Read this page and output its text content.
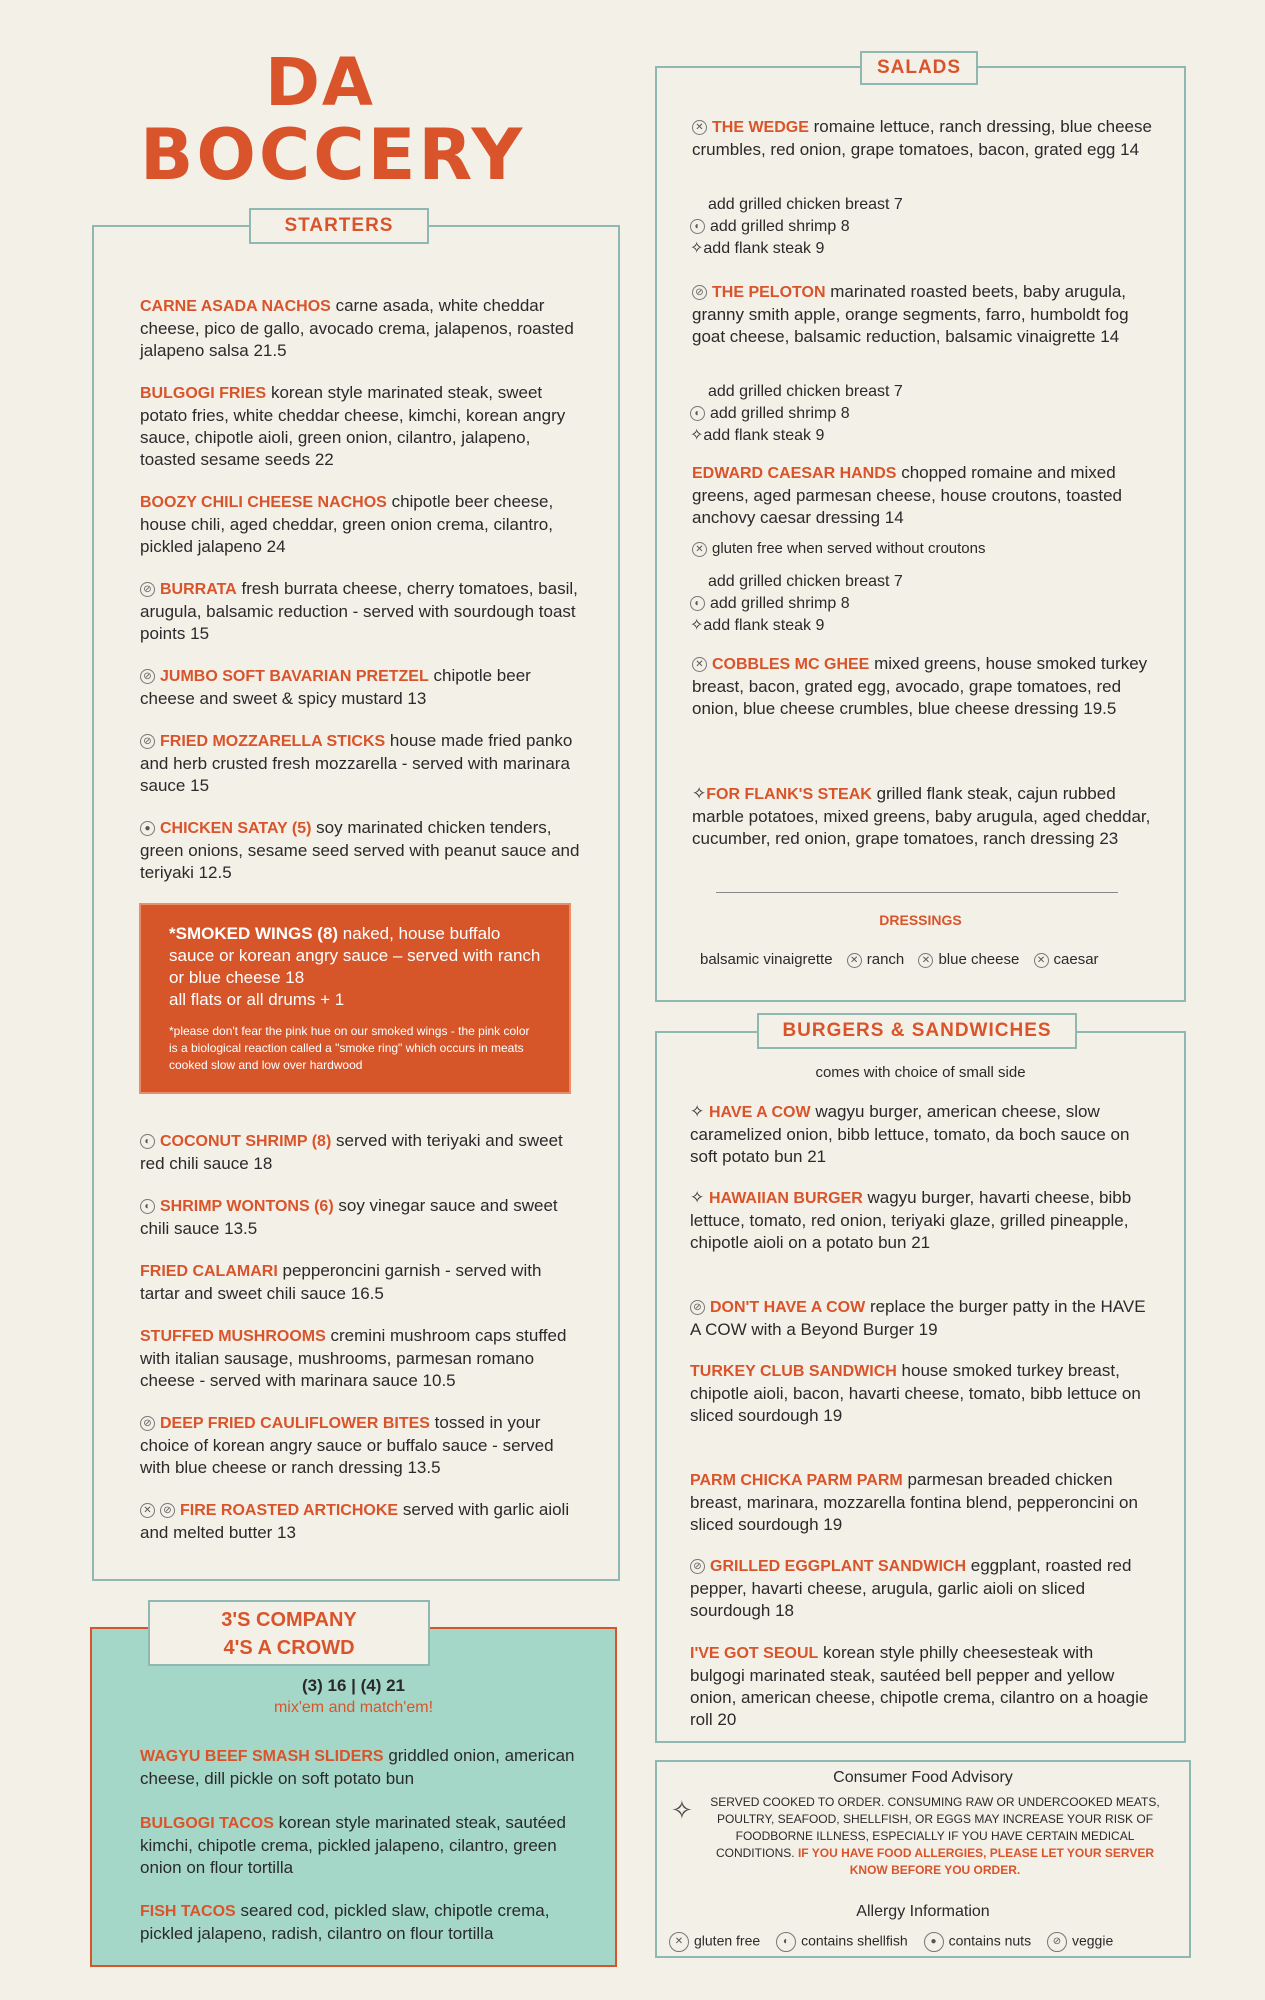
DA
BOCCERY
STARTERS
CARNE ASADA NACHOS carne asada, white cheddar cheese, pico de gallo, avocado crema, jalapenos, roasted jalapeno salsa 21.5
BULGOGI FRIES korean style marinated steak, sweet potato fries, white cheddar cheese, kimchi, korean angry sauce, chipotle aioli, green onion, cilantro, jalapeno, toasted sesame seeds 22
BOOZY CHILI CHEESE NACHOS chipotle beer cheese, house chili, aged cheddar, green onion crema, cilantro, pickled jalapeno 24
⊘ BURRATA fresh burrata cheese, cherry tomatoes, basil, arugula, balsamic reduction - served with sourdough toast points 15
⊘ JUMBO SOFT BAVARIAN PRETZEL chipotle beer cheese and sweet & spicy mustard 13
⊘ FRIED MOZZARELLA STICKS house made fried panko and herb crusted fresh mozzarella - served with marinara sauce 15
● CHICKEN SATAY (5) soy marinated chicken tenders, green onions, sesame seed served with peanut sauce and teriyaki 12.5
*SMOKED WINGS (8) naked, house buffalo sauce or korean angry sauce – served with ranch or blue cheese 18
all flats or all drums + 1
*please don't fear the pink hue on our smoked wings - the pink color is a biological reaction called a "smoke ring" which occurs in meats cooked slow and low over hardwood
◐ COCONUT SHRIMP (8) served with teriyaki and sweet red chili sauce 18
◐ SHRIMP WONTONS (6) soy vinegar sauce and sweet chili sauce 13.5
FRIED CALAMARI pepperoncini garnish - served with tartar and sweet chili sauce 16.5
STUFFED MUSHROOMS cremini mushroom caps stuffed with italian sausage, mushrooms, parmesan romano cheese - served with marinara sauce 10.5
⊘ DEEP FRIED CAULIFLOWER BITES tossed in your choice of korean angry sauce or buffalo sauce - served with blue cheese or ranch dressing 13.5
✕ ⊘ FIRE ROASTED ARTICHOKE served with garlic aioli and melted butter 13
3'S COMPANY
4'S A CROWD
(3) 16 | (4) 21
mix'em and match'em!
WAGYU BEEF SMASH SLIDERS griddled onion, american cheese, dill pickle on soft potato bun
BULGOGI TACOS korean style marinated steak, sautéed kimchi, chipotle crema, pickled jalapeno, cilantro, green onion on flour tortilla
FISH TACOS seared cod, pickled slaw, chipotle crema, pickled jalapeno, radish, cilantro on flour tortilla
SALADS
✕ THE WEDGE romaine lettuce, ranch dressing, blue cheese crumbles, red onion, grape tomatoes, bacon, grated egg 14
add grilled chicken breast 7
◐ add grilled shrimp 8
✧add flank steak 9
⊘ THE PELOTON marinated roasted beets, baby arugula, granny smith apple, orange segments, farro, humboldt fog goat cheese, balsamic reduction, balsamic vinaigrette 14
add grilled chicken breast 7
◐ add grilled shrimp 8
✧add flank steak 9
EDWARD CAESAR HANDS chopped romaine and mixed greens, aged parmesan cheese, house croutons, toasted anchovy caesar dressing 14
✕ gluten free when served without croutons
add grilled chicken breast 7
◐ add grilled shrimp 8
✧add flank steak 9
✕ COBBLES MC GHEE mixed greens, house smoked turkey breast, bacon, grated egg, avocado, grape tomatoes, red onion, blue cheese crumbles, blue cheese dressing 19.5
✧FOR FLANK'S STEAK grilled flank steak, cajun rubbed marble potatoes, mixed greens, baby arugula, aged cheddar, cucumber, red onion, grape tomatoes, ranch dressing 23
DRESSINGS
balsamic vinaigrette ✕ ranch ✕ blue cheese ✕ caesar
BURGERS & SANDWICHES
comes with choice of small side
✧ HAVE A COW wagyu burger, american cheese, slow caramelized onion, bibb lettuce, tomato, da boch sauce on soft potato bun 21
✧ HAWAIIAN BURGER wagyu burger, havarti cheese, bibb lettuce, tomato, red onion, teriyaki glaze, grilled pineapple, chipotle aioli on a potato bun 21
⊘ DON'T HAVE A COW replace the burger patty in the HAVE A COW with a Beyond Burger 19
TURKEY CLUB SANDWICH house smoked turkey breast, chipotle aioli, bacon, havarti cheese, tomato, bibb lettuce on sliced sourdough 19
PARM CHICKA PARM PARM parmesan breaded chicken breast, marinara, mozzarella fontina blend, pepperoncini on sliced sourdough 19
⊘ GRILLED EGGPLANT SANDWICH eggplant, roasted red pepper, havarti cheese, arugula, garlic aioli on sliced sourdough 18
I'VE GOT SEOUL korean style philly cheesesteak with bulgogi marinated steak, sautéed bell pepper and yellow onion, american cheese, chipotle crema, cilantro on a hoagie roll 20
✧
Consumer Food Advisory
SERVED COOKED TO ORDER. CONSUMING RAW OR UNDERCOOKED MEATS, POULTRY, SEAFOOD, SHELLFISH, OR EGGS MAY INCREASE YOUR RISK OF FOODBORNE ILLNESS, ESPECIALLY IF YOU HAVE CERTAIN MEDICAL CONDITIONS. IF YOU HAVE FOOD ALLERGIES, PLEASE LET YOUR SERVER KNOW BEFORE YOU ORDER.
Allergy Information
✕ gluten free ◐ contains shellfish ● contains nuts ⊘ veggie
